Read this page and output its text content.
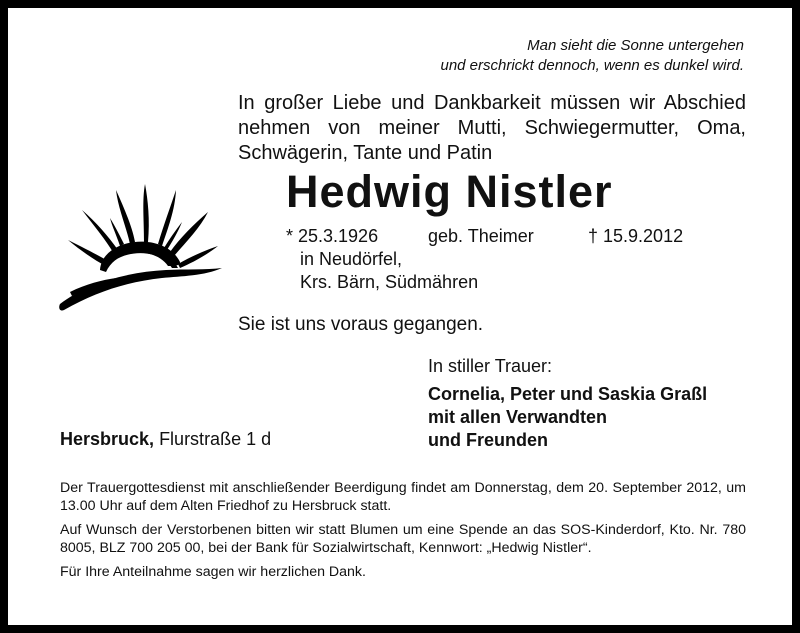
Man sieht die Sonne untergehen
und erschrickt dennoch, wenn es dunkel wird.
In großer Liebe und Dankbarkeit müssen wir Abschied
nehmen von meiner Mutti, Schwiegermutter, Oma,
Schwägerin, Tante und Patin
Hedwig Nistler
* 25.3.1926	geb. Theimer	† 15.9.2012
in Neudörfel,
Krs. Bärn, Südmähren
Sie ist uns voraus gegangen.
In stiller Trauer:
Cornelia, Peter und Saskia Graßl
mit allen Verwandten
und Freunden
Hersbruck, Flurstraße 1 d

Der Trauergottesdienst mit anschließender Beerdigung findet am Donnerstag, dem 20. September 2012, um 13.00 Uhr auf dem Alten Friedhof zu Hersbruck statt.

Auf Wunsch der Verstorbenen bitten wir statt Blumen um eine Spende an das SOS-Kinderdorf, Kto. Nr. 780 8005, BLZ 700 205 00, bei der Bank für Sozialwirtschaft, Kennwort: „Hedwig Nistler“.

Für Ihre Anteilnahme sagen wir herzlichen Dank.
